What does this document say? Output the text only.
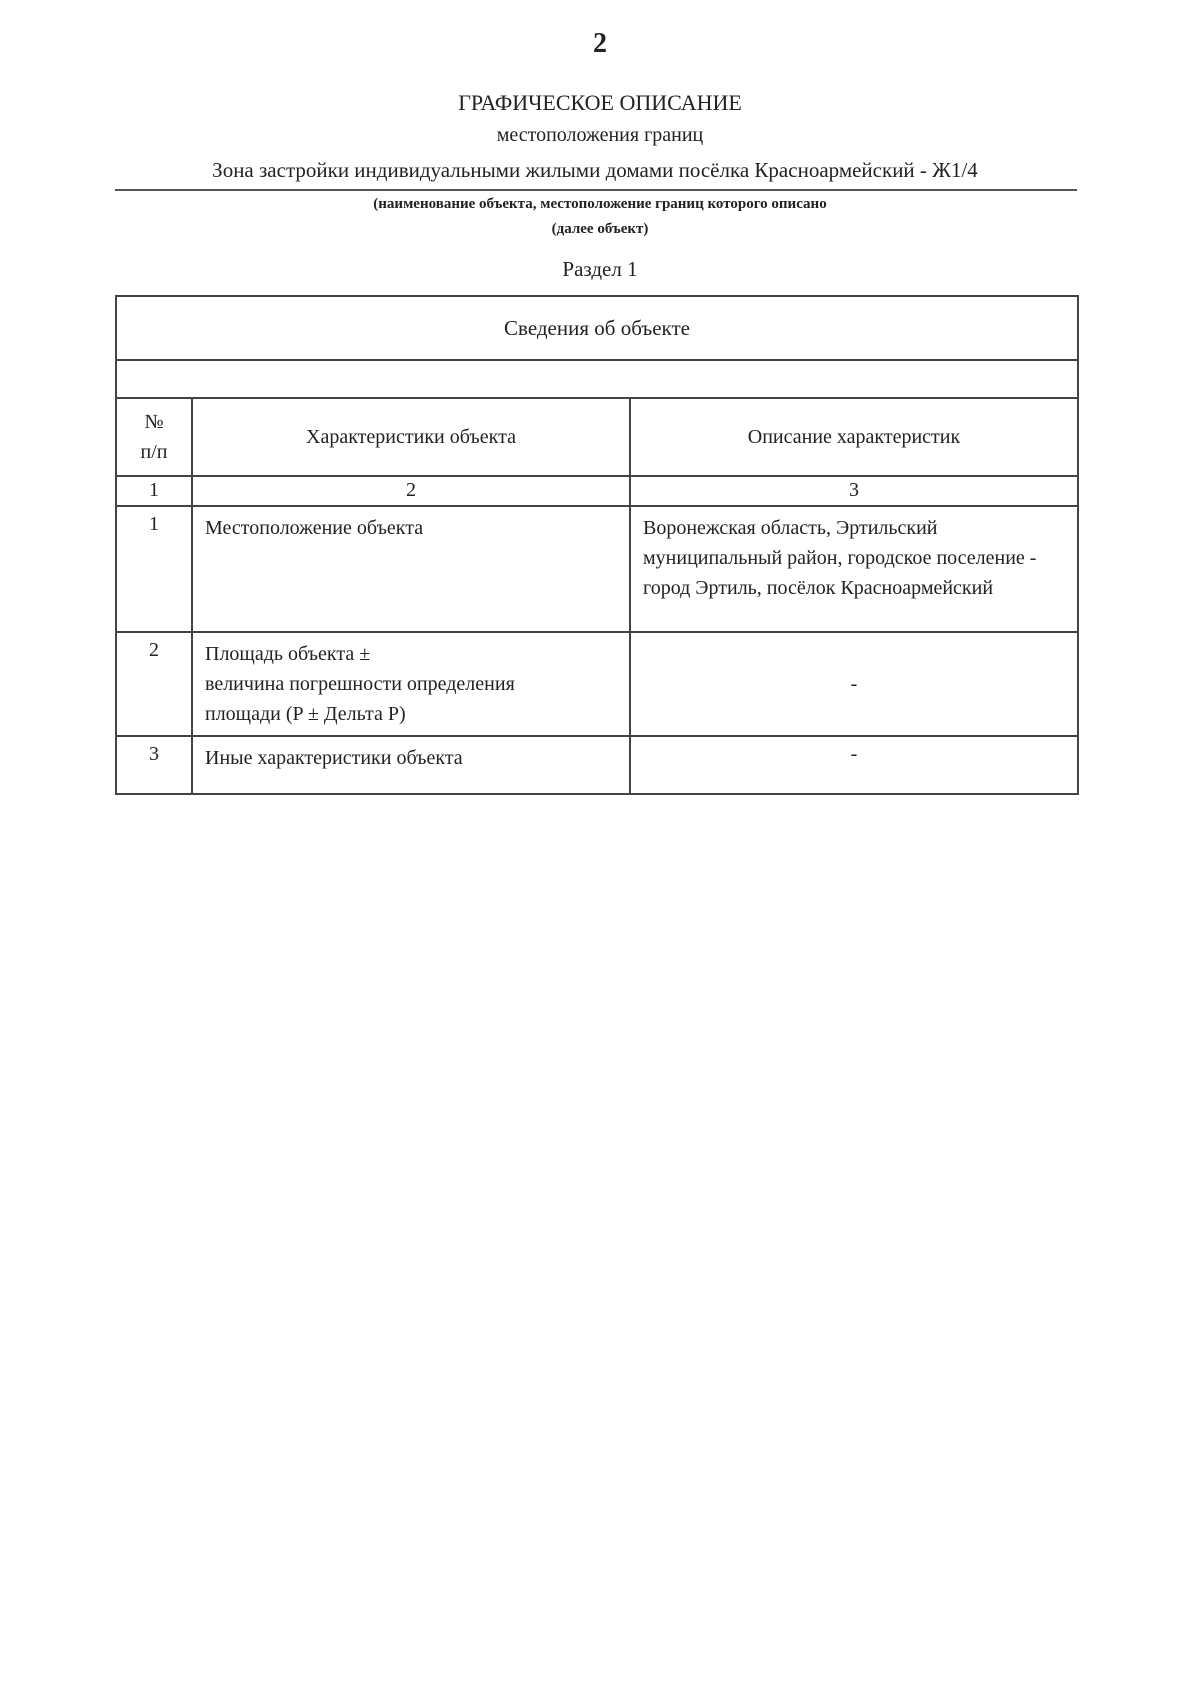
2
ГРАФИЧЕСКОЕ ОПИСАНИЕ
местоположения границ
Зона застройки индивидуальными жилыми домами посёлка Красноармейский - Ж1/4
(наименование объекта, местоположение границ которого описано
(далее объект)
Раздел 1
Сведения об объекте		

№
п/п	Характеристики объекта	Описание характеристик
1	2	3
1	Местоположение объекта	Воронежская область, Эртильский муниципальный район, городское поселение - город Эртиль, посёлок Красноармейский
2	Площадь объекта ±
величина погрешности определения
площади (P ± Дельта P)	-
3	Иные характеристики объекта	-
